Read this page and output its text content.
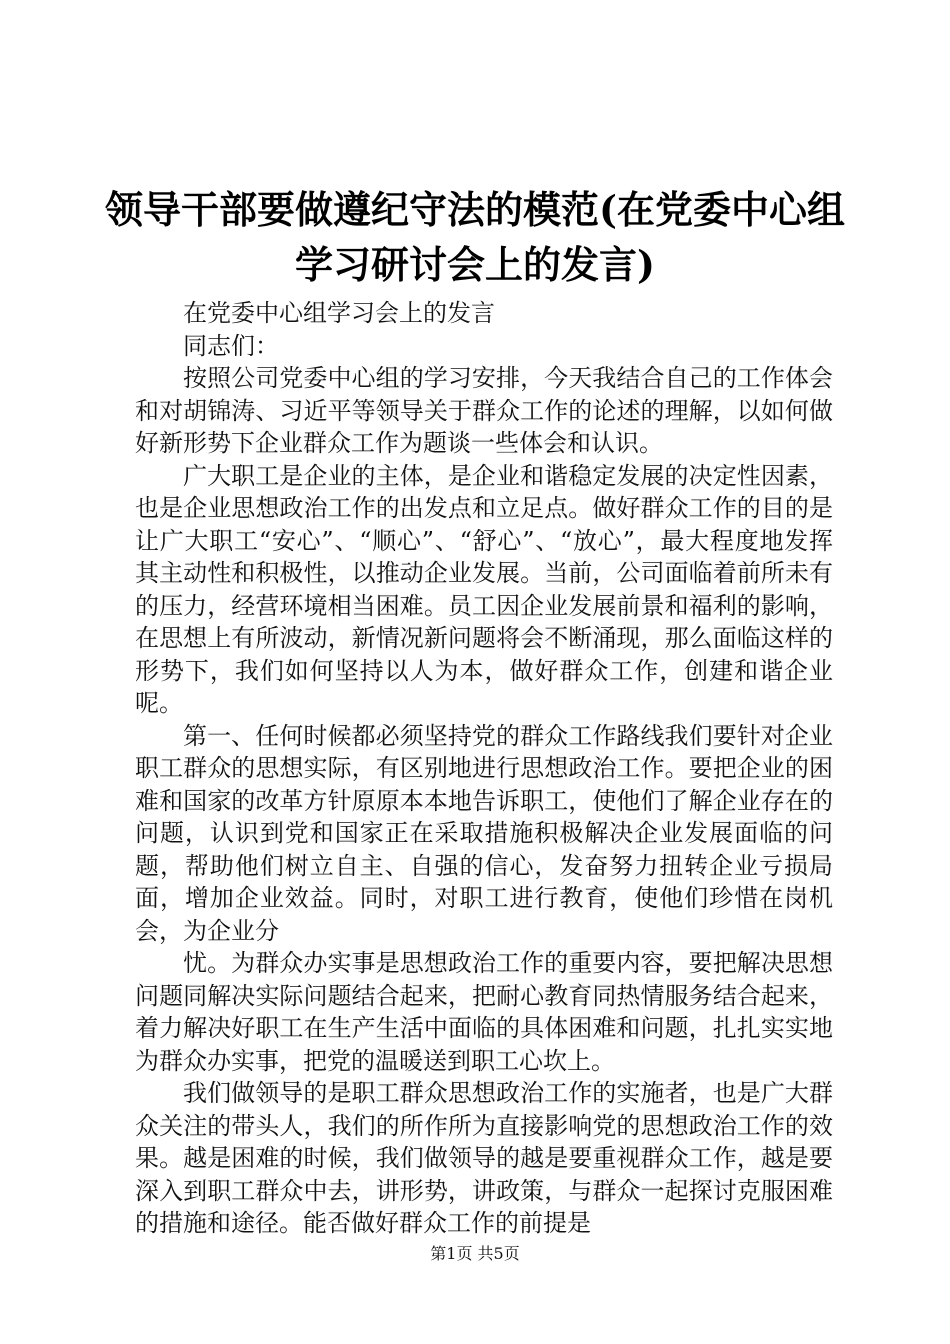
领导干部要做遵纪守法的模范(在党委中心组学习研讨会上的发言)

在党委中心组学习会上的发言

同志们：

按照公司党委中心组的学习安排，今天我结合自己的工作体会和对胡锦涛、习近平等领导关于群众工作的论述的理解，以如何做好新形势下企业群众工作为题谈一些体会和认识。

广大职工是企业的主体，是企业和谐稳定发展的决定性因素，也是企业思想政治工作的出发点和立足点。做好群众工作的目的是让广大职工“安心”、“顺心”、“舒心”、“放心”，最大程度地发挥其主动性和积极性，以推动企业发展。当前，公司面临着前所未有的压力，经营环境相当困难。员工因企业发展前景和福利的影响，在思想上有所波动，新情况新问题将会不断涌现，那么面临这样的形势下，我们如何坚持以人为本，做好群众工作，创建和谐企业呢。

第一、任何时候都必须坚持党的群众工作路线我们要针对企业职工群众的思想实际，有区别地进行思想政治工作。要把企业的困难和国家的改革方针原原本本地告诉职工，使他们了解企业存在的问题，认识到党和国家正在采取措施积极解决企业发展面临的问题，帮助他们树立自主、自强的信心，发奋努力扭转企业亏损局面，增加企业效益。同时，对职工进行教育，使他们珍惜在岗机会，为企业分

忧。为群众办实事是思想政治工作的重要内容，要把解决思想问题同解决实际问题结合起来，把耐心教育同热情服务结合起来，着力解决好职工在生产生活中面临的具体困难和问题，扎扎实实地为群众办实事，把党的温暖送到职工心坎上。

我们做领导的是职工群众思想政治工作的实施者，也是广大群众关注的带头人，我们的所作所为直接影响党的思想政治工作的效果。越是困难的时候，我们做领导的越是要重视群众工作，越是要深入到职工群众中去，讲形势，讲政策，与群众一起探讨克服困难的措施和途径。能否做好群众工作的前提是

第1页 共5页
